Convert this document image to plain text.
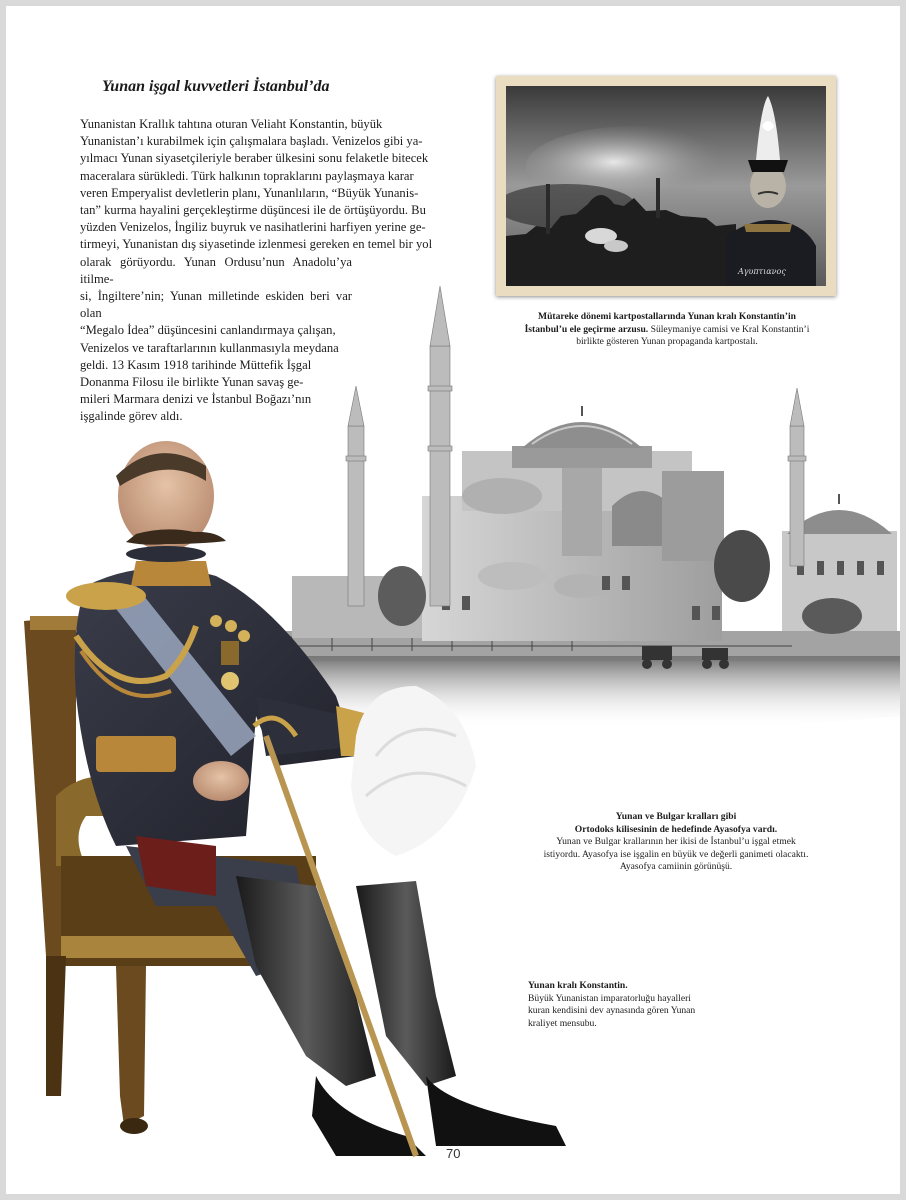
Yunan işgal kuvvetleri İstanbul’da

Yunanistan Krallık tahtına oturan Veliaht Konstantin, büyük

Yunanistan’ı kurabilmek için çalışmalara başladı. Venizelos gibi ya-

yılmacı Yunan siyasetçileriyle beraber ülkesini sonu felaketle bitecek

maceralara sürükledi. Türk halkının topraklarını paylaşmaya karar

veren Emperyalist devletlerin planı, Yunanlıların, “Büyük Yunanis-

tan” kurma hayalini gerçekleştirme düşüncesi ile de örtüşüyordu. Bu

yüzden Venizelos, İngiliz buyruk ve nasihatlerini harfiyen yerine ge-

tirmeyi, Yunanistan dış siyasetinde izlenmesi gereken en temel bir yol

olarak görüyordu. Yunan Ordusu’nun Anadolu’ya itilme-

si, İngiltere’nin; Yunan milletinde eskiden beri var olan

“Megalo İdea” düşüncesini canlandırmaya çalışan,

Venizelos ve taraftarlarının kullanmasıyla meydana

geldi. 13 Kasım 1918 tarihinde Müttefik İşgal

Donanma Filosu ile birlikte Yunan savaş ge-

mileri Marmara denizi ve İstanbul Boğazı’nın

işgalinde görev aldı.

Αγυπτιανος
Mütareke dönemi kartpostallarında Yunan kralı Konstantin’in
İstanbul’u ele geçirme arzusu. Süleymaniye camisi ve Kral Konstantin’i
birlikte gösteren Yunan propaganda kartpostalı.
Yunan ve Bulgar kralları gibi
Ortodoks kilisesinin de hedefinde Ayasofya vardı.
Yunan ve Bulgar krallarının her ikisi de İstanbul’u işgal etmek
istiyordu. Ayasofya ise işgalin en büyük ve değerli ganimeti olacaktı.
Ayasofya camiinin görünüşü.
Yunan kralı Konstantin.
Büyük Yunanistan imparatorluğu hayalleri
kuran kendisini dev aynasında gören Yunan
kraliyet mensubu.
70
